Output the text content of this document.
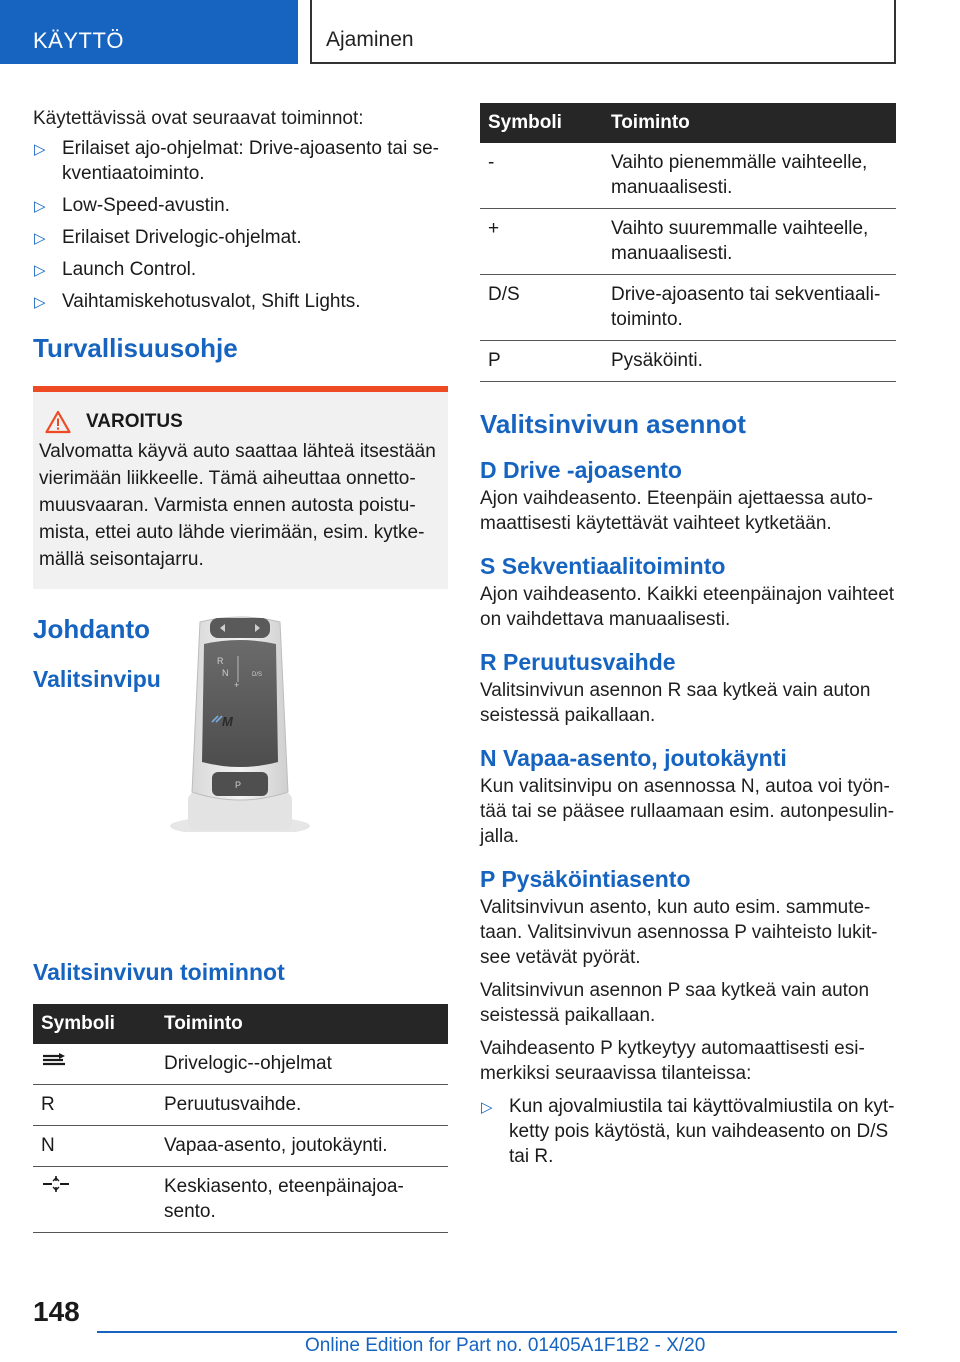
KÄYTTÖ	Ajaminen

Käytettävissä ovat seuraavat toiminnot:

▷ Erilaiset ajo-ohjelmat: Drive-ajoasento tai se-kventiaatoiminto.
▷ Low-Speed-avustin.
▷ Erilaiset Drivelogic-ohjelmat.
▷ Launch Control.
▷ Vaihtamiskehotusvalot, Shift Lights.
Turvallisuusohje
VAROITUS

Valvomatta käyvä auto saattaa lähteä itsestään vierimään liikkeelle. Tämä aiheuttaa onnetto-muusvaaran. Varmista ennen autosta poistu-mista, ettei auto lähde vierimään, esim. kytke-mällä seisontajarru.

Johdanto
Valitsinvipu
R
N	D/S
+
M
P
Valitsinvivun toiminnot
Symboli	Toiminto
	Drivelogic--ohjelmat
R	Peruutusvaihde.
N	Vapaa-asento, joutokäynti.
	Keskiasento, eteenpäinajoa-sento.
Symboli	Toiminto
-	Vaihto pienemmälle vaihteelle, manuaalisesti.
+	Vaihto suuremmalle vaihteelle, manuaalisesti.
D/S	Drive-ajoasento tai sekventiaali-toiminto.
P	Pysäköinti.
Valitsinvivun asennot
D Drive -ajoasento

Ajon vaihdeasento. Eteenpäin ajettaessa auto-maattisesti käytettävät vaihteet kytketään.

S Sekventiaalitoiminto

Ajon vaihdeasento. Kaikki eteenpäinajon vaihteet on vaihdettava manuaalisesti.

R Peruutusvaihde

Valitsinvivun asennon R saa kytkeä vain auton seistessä paikallaan.

N Vapaa-asento, joutokäynti

Kun valitsinvipu on asennossa N, autoa voi työn-tää tai se pääsee rullaamaan esim. autonpesulin-jalla.

P Pysäköintiasento

Valitsinvivun asento, kun auto esim. sammute-taan. Valitsinvivun asennossa P vaihteisto lukit-see vetävät pyörät.

Valitsinvivun asennon P saa kytkeä vain auton seistessä paikallaan.

Vaihdeasento P kytkeytyy automaattisesti esi-merkiksi seuraavissa tilanteissa:

▷ Kun ajovalmiustila tai käyttövalmiustila on kyt-ketty pois käytöstä, kun vaihdeasento on D/S tai R.
148
Online Edition for Part no. 01405A1F1B2 - X/20
